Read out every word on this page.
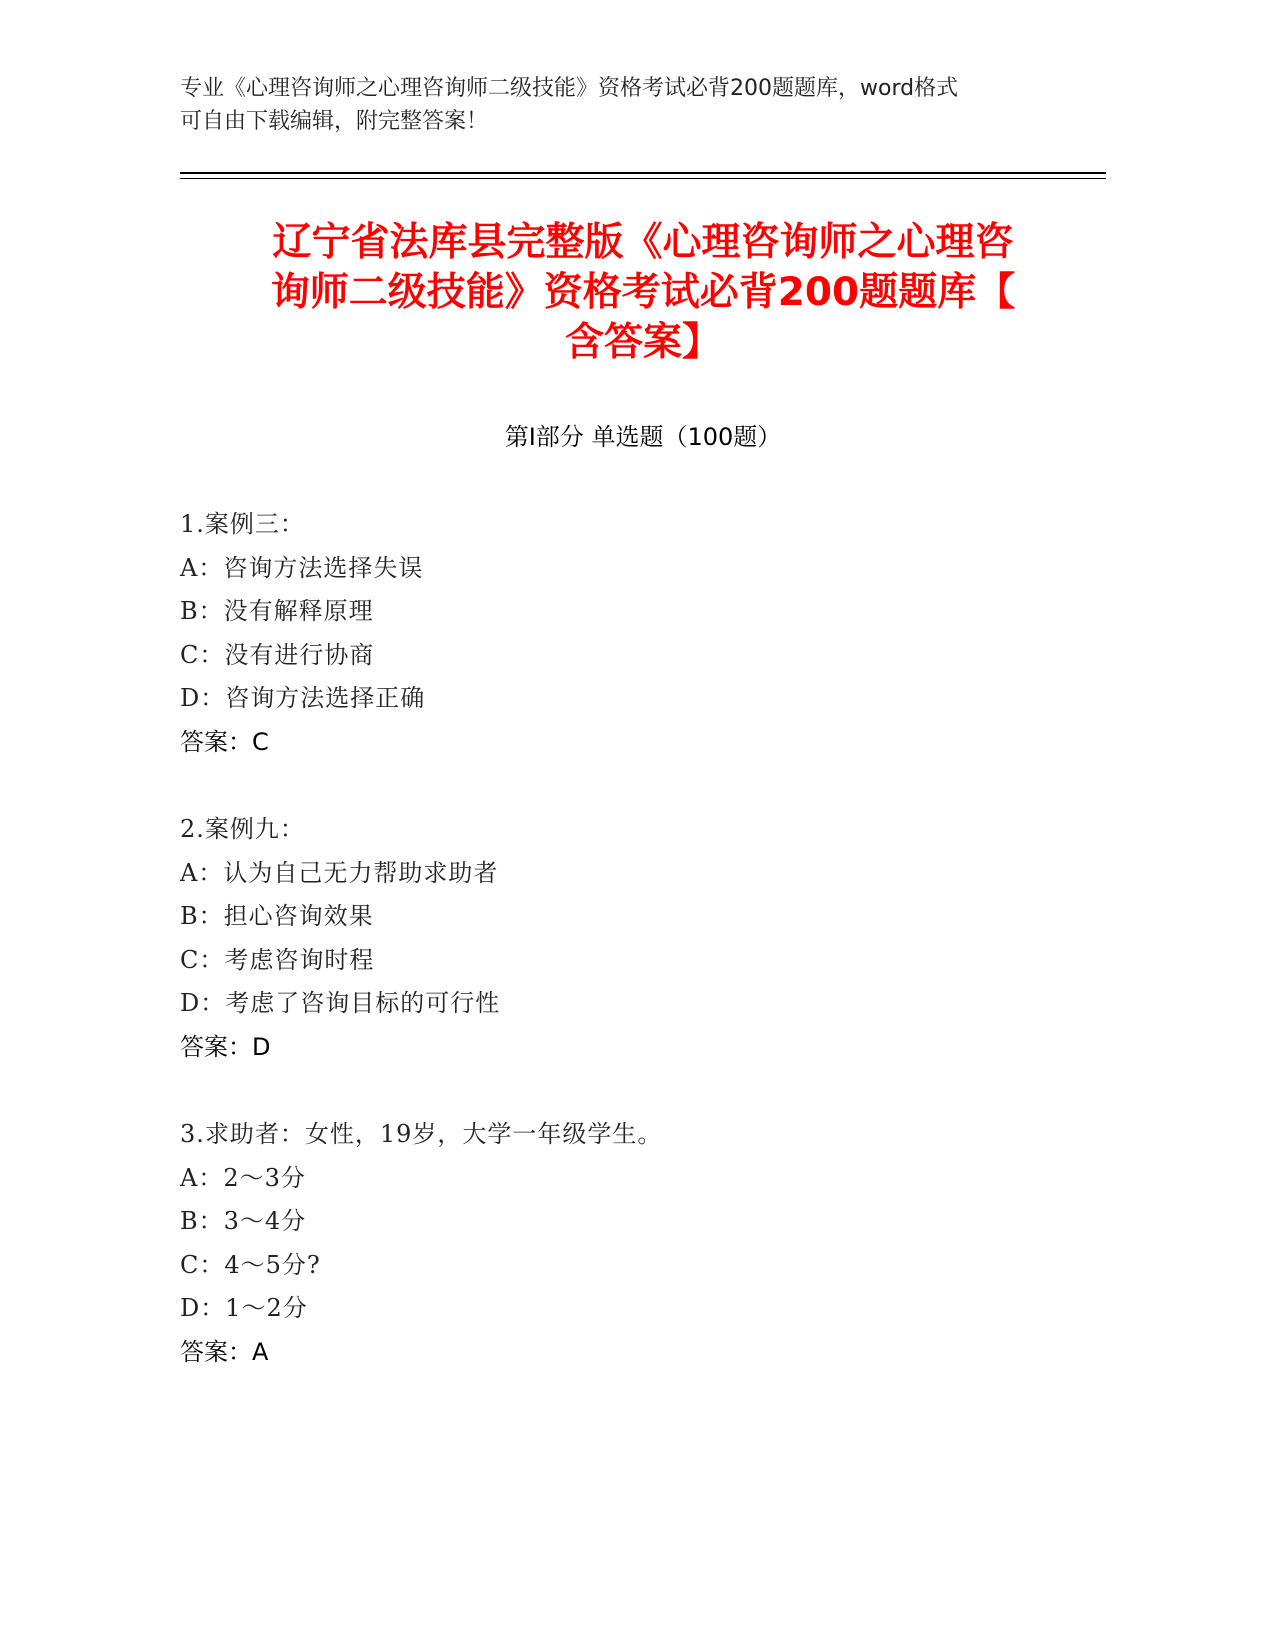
专业《心理咨询师之心理咨询师二级技能》资格考试必背200题题库，word格式
可自由下载编辑，附完整答案！
辽宁省法库县完整版《心理咨询师之心理咨
询师二级技能》资格考试必背200题题库【
含答案】
第Ⅰ部分 单选题（100题）
1.案例三：
A：咨询方法选择失误
B：没有解释原理
C：没有进行协商
D：咨询方法选择正确
答案：C
2.案例九：
A：认为自己无力帮助求助者
B：担心咨询效果
C：考虑咨询时程
D：考虑了咨询目标的可行性
答案：D
3.求助者：女性，19岁，大学一年级学生。
A：2～3分
B：3～4分
C：4～5分?
D：1～2分
答案：A
